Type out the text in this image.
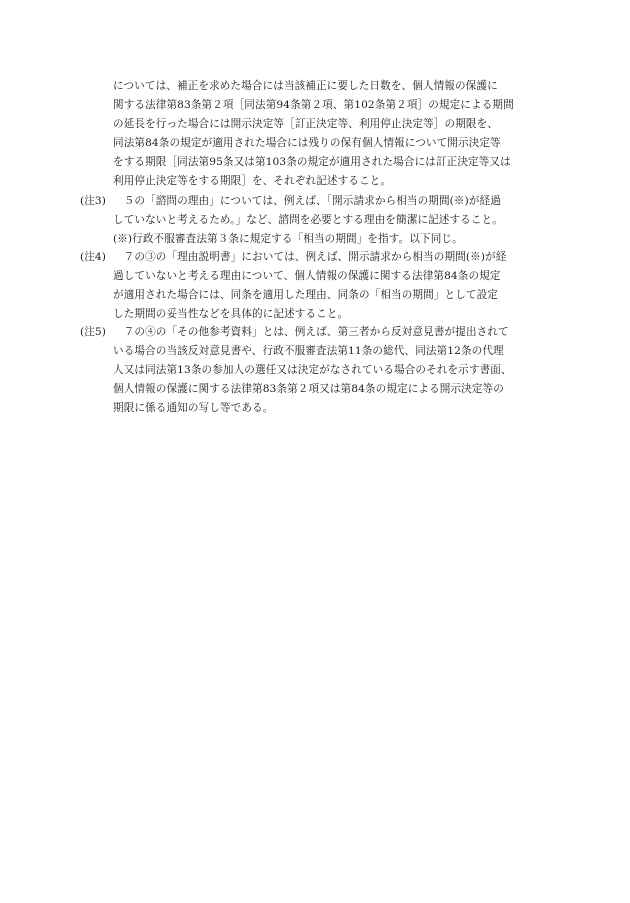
については、補正を求めた場合には当該補正に要した日数を、個人情報の保護に
関する法律第83条第２項［同法第94条第２項、第102条第２項］の規定による期間
の延長を行った場合には開示決定等［訂正決定等、利用停止決定等］の期限を、
同法第84条の規定が適用された場合には残りの保有個人情報について開示決定等
をする期限［同法第95条又は第103条の規定が適用された場合には訂正決定等又は
利用停止決定等をする期限］を、それぞれ記述すること。
(注3) 　５の「諮問の理由」については、例えば、「開示請求から相当の期間(※)が経過
していないと考えるため。」など、諮問を必要とする理由を簡潔に記述すること。
(※)行政不服審査法第３条に規定する「相当の期間」を指す。以下同じ。
(注4) 　７の③の「理由説明書」においては、例えば、開示請求から相当の期間(※)が経
過していないと考える理由について、個人情報の保護に関する法律第84条の規定
が適用された場合には、同条を適用した理由、同条の「相当の期間」として設定
した期間の妥当性などを具体的に記述すること。
(注5) 　７の④の「その他参考資料」とは、例えば、第三者から反対意見書が提出されて
いる場合の当該反対意見書や、行政不服審査法第11条の総代、同法第12条の代理
人又は同法第13条の参加人の選任又は決定がなされている場合のそれを示す書面、
個人情報の保護に関する法律第83条第２項又は第84条の規定による開示決定等の
期限に係る通知の写し等である。
